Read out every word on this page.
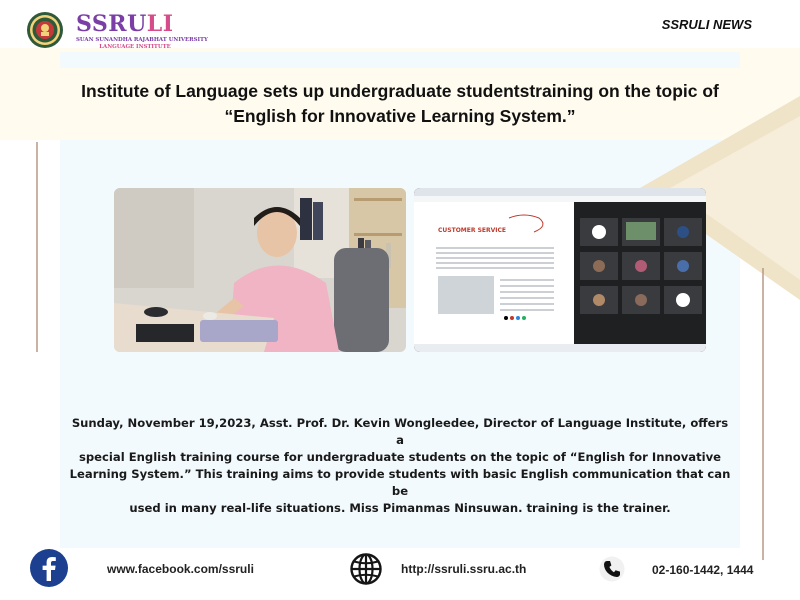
SSRULI
SUAN SUNANDHA RAJABHAT UNIVERSITY
LANGUAGE INSTITUTE
SSRULI NEWS
Institute of Language sets up undergraduate studentstraining on the topic of
“English for Innovative Learning System.”
CUSTOMER SERVICE
Sunday, November 19,2023, Asst. Prof. Dr. Kevin Wongleedee, Director of Language Institute, offers a
special English training course for undergraduate students on the topic of “English for Innovative
Learning System.” This training aims to provide students with basic English communication that can be
used in many real-life situations. Miss Pimanmas Ninsuwan. training is the trainer.
www.facebook.com/ssruli	http://ssruli.ssru.ac.th	02-160-1442, 1444
